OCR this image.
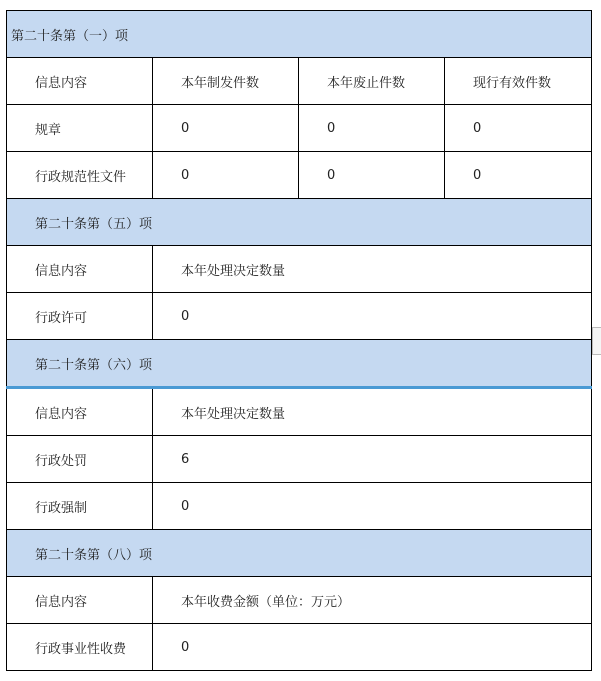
第二十条第（一）项			
信息内容	本年制发件数	本年废止件数	现行有效件数
规章	0	0	0
行政规范性文件	0	0	0
第二十条第（五）项			
信息内容	本年处理决定数量		
行政许可	0		
第二十条第（六）项			
信息内容	本年处理决定数量		
行政处罚	6		
行政强制	0		
第二十条第（八）项			
信息内容	本年收费金额（单位：万元）		
行政事业性收费	0		
